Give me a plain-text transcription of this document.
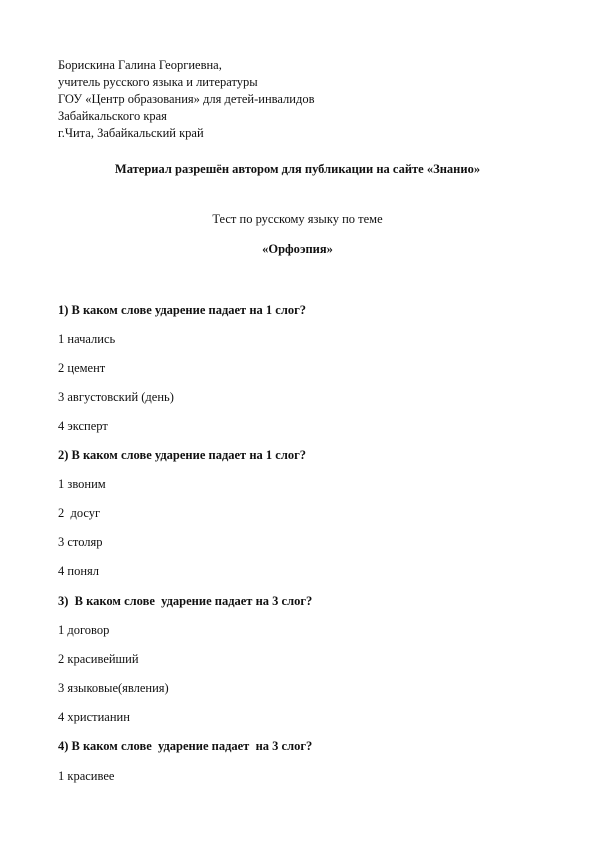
Борискина Галина Георгиевна,
учитель русского языка и литературы
ГОУ «Центр образования» для детей-инвалидов
Забайкальского края
г.Чита, Забайкальский край
Материал разрешён автором для публикации на сайте «Знанио»
Тест по русскому языку по теме
«Орфоэпия»
1) В каком слове ударение падает на 1 слог?
1 начались
2 цемент
3 августовский (день)
4 эксперт
2) В каком слове ударение падает на 1 слог?
1 звоним
2  досуг
3 столяр
4 понял
3)  В каком слове  ударение падает на 3 слог?
1 договор
2 красивейший
3 языковые(явления)
4 христианин
4) В каком слове  ударение падает  на 3 слог?
1 красивее
